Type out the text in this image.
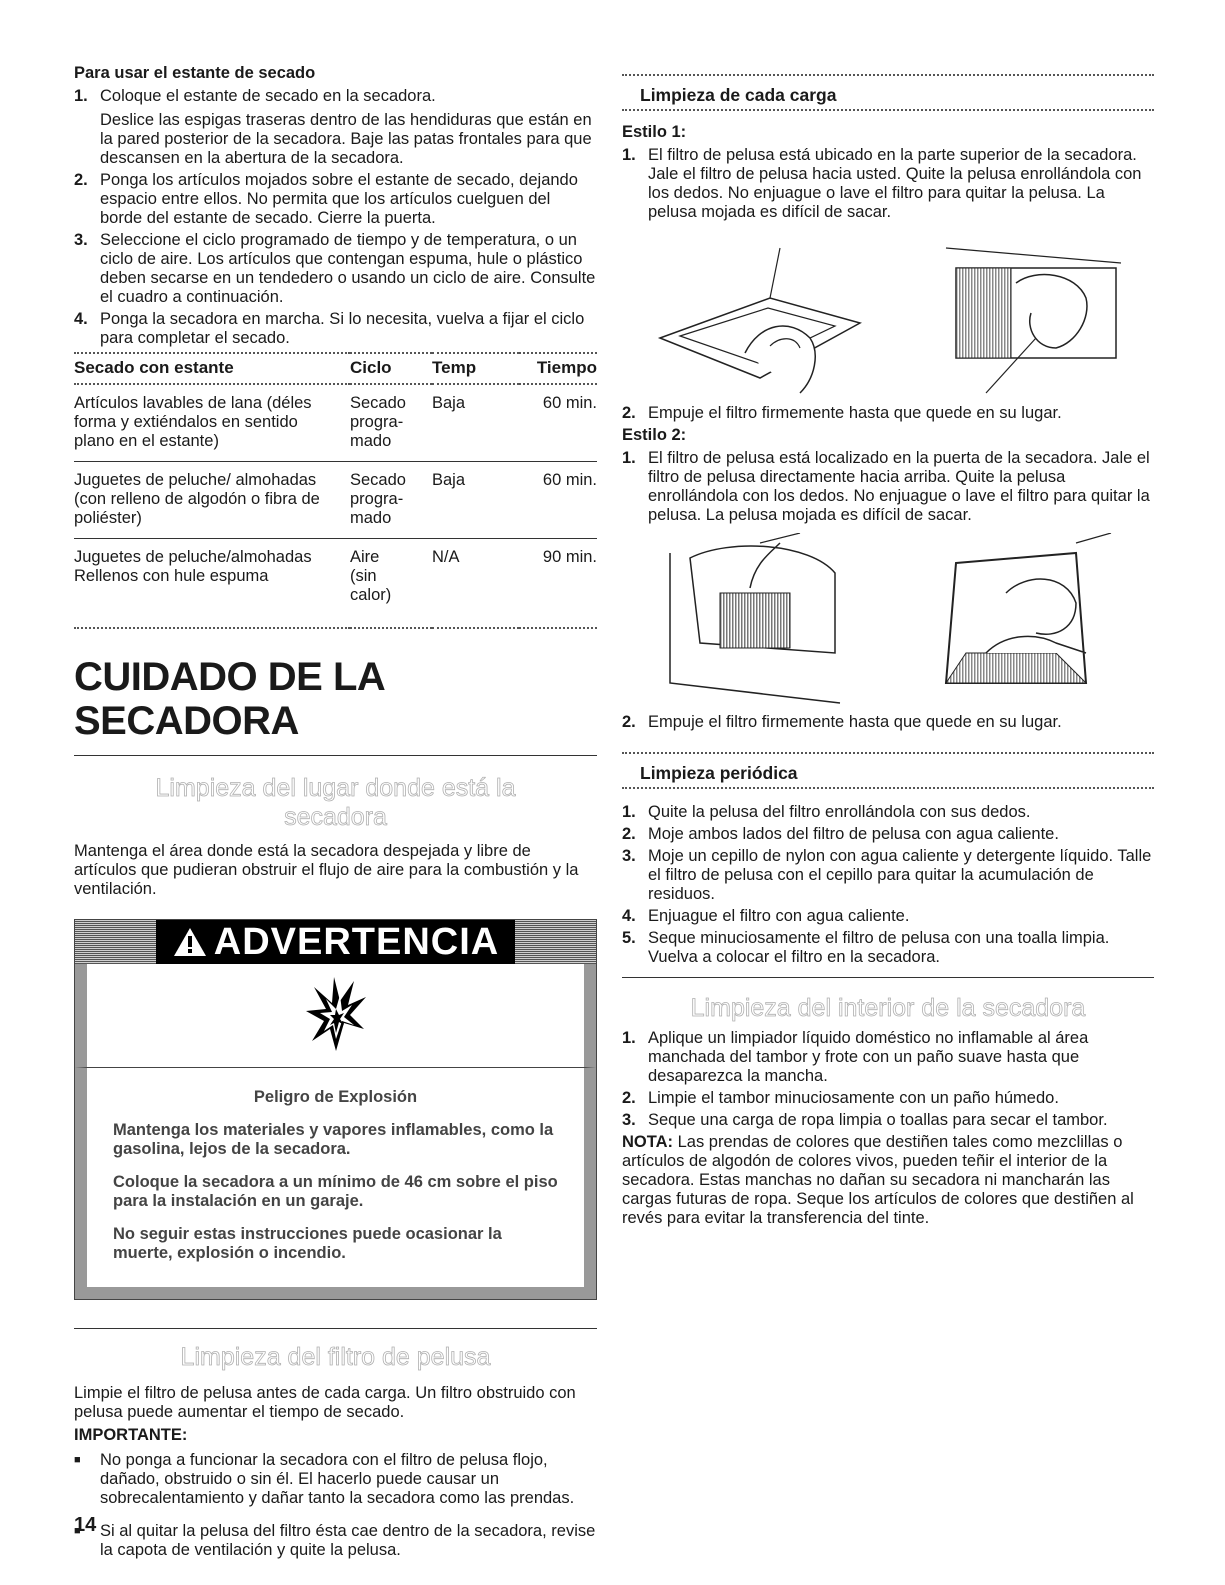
Para usar el estante de secado
1. Coloque el estante de secado en la secadora.

Deslice las espigas traseras dentro de las hendiduras que están en la pared posterior de la secadora. Baje las patas frontales para que descansen en la abertura de la secadora.

2. Ponga los artículos mojados sobre el estante de secado, dejando espacio entre ellos. No permita que los artículos cuelguen del borde del estante de secado. Cierre la puerta.

3. Seleccione el ciclo programado de tiempo y de temperatura, o un ciclo de aire. Los artículos que contengan espuma, hule o plástico deben secarse en un tendedero o usando un ciclo de aire. Consulte el cuadro a continuación.

4. Ponga la secadora en marcha. Si lo necesita, vuelva a fijar el ciclo para completar el secado.

Secado con estante	Ciclo	Temp	Tiempo
Artículos lavables de lana (déles forma y extiéndalos en sentido plano en el estante)	Secado progra-mado	Baja	60 min.
Juguetes de peluche/ almohadas (con relleno de algodón o fibra de poliéster)	Secado progra-mado	Baja	60 min.
Juguetes de peluche/almohadas Rellenos con hule espuma	Aire (sin calor)	N/A	90 min.
CUIDADO DE LA SECADORA
Limpieza del lugar donde está la secadora
Mantenga el área donde está la secadora despejada y libre de artículos que pudieran obstruir el flujo de aire para la combustión y la ventilación.
ADVERTENCIA

Peligro de Explosión

Mantenga los materiales y vapores inflamables, como la gasolina, lejos de la secadora.

Coloque la secadora a un mínimo de 46 cm sobre el piso para la instalación en un garaje.

No seguir estas instrucciones puede ocasionar la muerte, explosión o incendio.

Limpieza del filtro de pelusa
Limpie el filtro de pelusa antes de cada carga. Un filtro obstruido con pelusa puede aumentar el tiempo de secado.
IMPORTANTE:
■ No ponga a funcionar la secadora con el filtro de pelusa flojo, dañado, obstruido o sin él. El hacerlo puede causar un sobrecalentamiento y dañar tanto la secadora como las prendas.
■ Si al quitar la pelusa del filtro ésta cae dentro de la secadora, revise la capota de ventilación y quite la pelusa.
14
Limpieza de cada carga
Estilo 1:
1. El filtro de pelusa está ubicado en la parte superior de la secadora. Jale el filtro de pelusa hacia usted. Quite la pelusa enrollándola con los dedos. No enjuague o lave el filtro para quitar la pelusa. La pelusa mojada es difícil de sacar.

2. Empuje el filtro firmemente hasta que quede en su lugar.

Estilo 2:
1. El filtro de pelusa está localizado en la puerta de la secadora. Jale el filtro de pelusa directamente hacia arriba. Quite la pelusa enrollándola con los dedos. No enjuague o lave el filtro para quitar la pelusa. La pelusa mojada es difícil de sacar.

2. Empuje el filtro firmemente hasta que quede en su lugar.

Limpieza periódica
1. Quite la pelusa del filtro enrollándola con sus dedos.

2. Moje ambos lados del filtro de pelusa con agua caliente.

3. Moje un cepillo de nylon con agua caliente y detergente líquido. Talle el filtro de pelusa con el cepillo para quitar la acumulación de residuos.

4. Enjuague el filtro con agua caliente.

5. Seque minuciosamente el filtro de pelusa con una toalla limpia. Vuelva a colocar el filtro en la secadora.

Limpieza del interior de la secadora
1. Aplique un limpiador líquido doméstico no inflamable al área manchada del tambor y frote con un paño suave hasta que desaparezca la mancha.

2. Limpie el tambor minuciosamente con un paño húmedo.

3. Seque una carga de ropa limpia o toallas para secar el tambor.

NOTA: Las prendas de colores que destiñen tales como mezclillas o artículos de algodón de colores vivos, pueden teñir el interior de la secadora. Estas manchas no dañan su secadora ni mancharán las cargas futuras de ropa. Seque los artículos de colores que destiñen al revés para evitar la transferencia del tinte.
